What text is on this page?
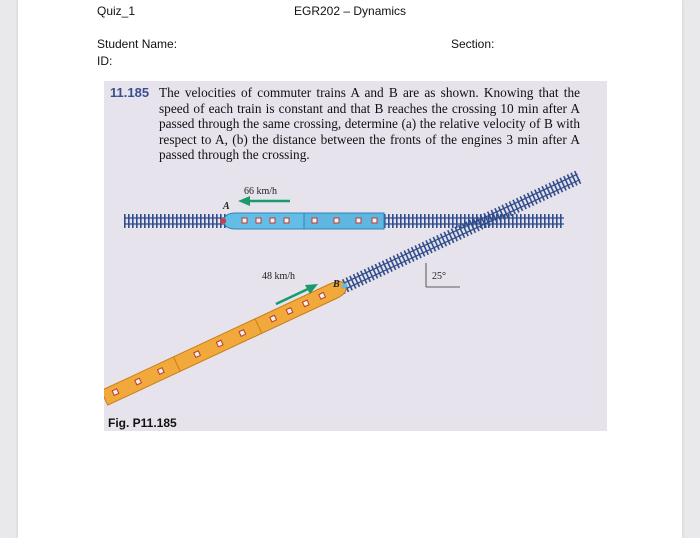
Quiz_1	EGR202 – Dynamics
Student Name:
ID:
Section:
11.185 The velocities of commuter trains A and B are as shown. Knowing that the speed of each train is constant and that B reaches the crossing 10 min after A passed through the same crossing, determine (a) the relative velocity of B with respect to A, (b) the distance between the fronts of the engines 3 min after A passed through the crossing.
66 km/h
A
48 km/h
B
25°
Fig. P11.185
